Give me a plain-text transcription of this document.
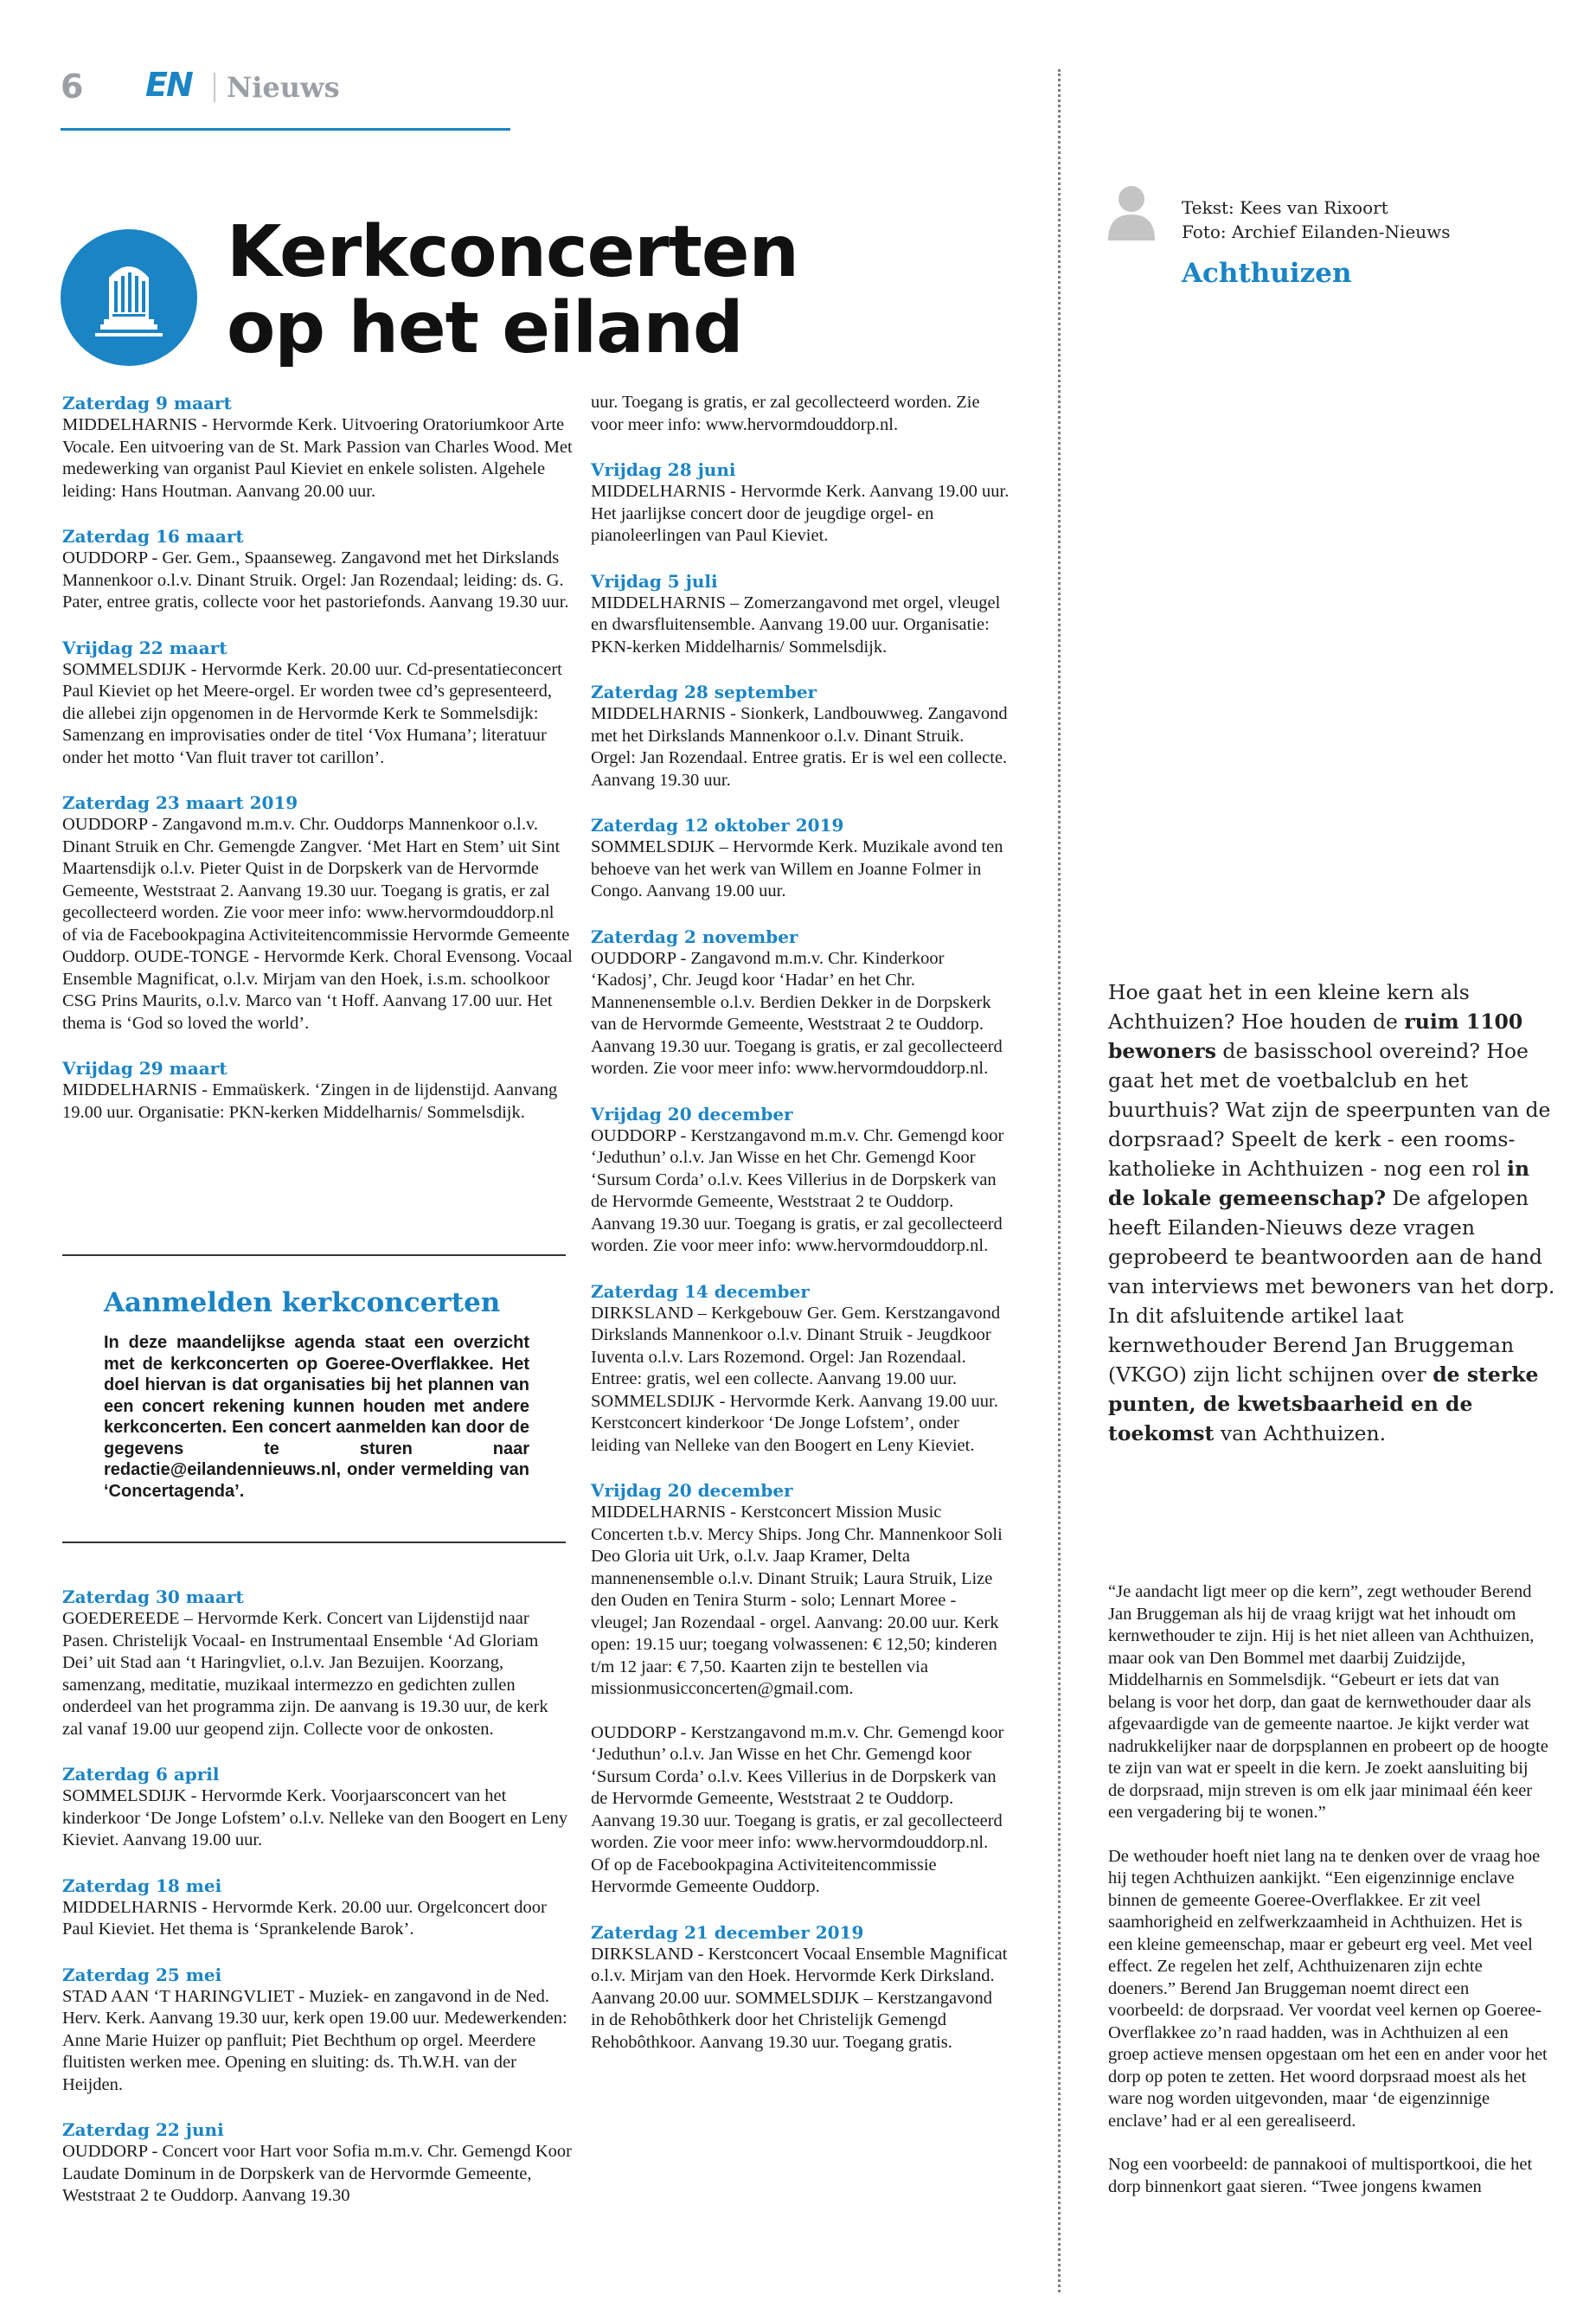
6 EN Nieuws
Kerkconcerten
op het eiland
Zaterdag 9 maart

MIDDELHARNIS - Hervormde Kerk. Uitvoering Oratoriumkoor Arte Vocale. Een uitvoering van de St. Mark Passion van Charles Wood. Met medewerking van organist Paul Kieviet en enkele solisten. Algehele leiding: Hans Houtman. Aanvang 20.00 uur.

Zaterdag 16 maart

OUDDORP - Ger. Gem., Spaanseweg. Zangavond met het Dirkslands Mannenkoor o.l.v. Dinant Struik. Orgel: Jan Rozendaal; leiding: ds. G. Pater, entree gratis, collecte voor het pastoriefonds. Aanvang 19.30 uur.

Vrijdag 22 maart

SOMMELSDIJK - Hervormde Kerk. 20.00 uur. Cd-presentatieconcert Paul Kieviet op het Meere-orgel. Er worden twee cd’s gepresenteerd, die allebei zijn opgenomen in de Hervormde Kerk te Sommelsdijk: Samenzang en improvisaties onder de titel ‘Vox Humana’; literatuur onder het motto ‘Van fluit traver tot carillon’.

Zaterdag 23 maart 2019

OUDDORP - Zangavond m.m.v. Chr. Ouddorps Mannenkoor o.l.v. Dinant Struik en Chr. Gemengde Zangver. ‘Met Hart en Stem’ uit Sint Maartensdijk o.l.v. Pieter Quist in de Dorpskerk van de Hervormde Gemeente, Weststraat 2. Aanvang 19.30 uur. Toegang is gratis, er zal gecollecteerd worden. Zie voor meer info: www.hervormdouddorp.nl of via de Facebookpagina Activiteitencommissie Hervormde Gemeente Ouddorp. OUDE-TONGE - Hervormde Kerk. Choral Evensong. Vocaal Ensemble Magnificat, o.l.v. Mirjam van den Hoek, i.s.m. schoolkoor CSG Prins Maurits, o.l.v. Marco van ‘t Hoff. Aanvang 17.00 uur. Het thema is ‘God so loved the world’.

Vrijdag 29 maart

MIDDELHARNIS - Emmaüskerk. ‘Zingen in de lijdenstijd. Aanvang 19.00 uur. Organisatie: PKN-kerken Middelharnis/ Sommelsdijk.

Aanmelden kerkconcerten
In deze maandelijkse agenda staat een overzicht met de kerkconcerten op Goeree-Overflakkee. Het doel hiervan is dat organisaties bij het plannen van een concert rekening kunnen houden met andere kerkconcerten. Een concert aanmelden kan door de gegevens te sturen naar redactie@eilandennieuws.nl, onder vermelding van ‘Concertagenda’.
Zaterdag 30 maart

GOEDEREEDE – Hervormde Kerk. Concert van Lijdenstijd naar Pasen. Christelijk Vocaal- en Instrumentaal Ensemble ‘Ad Gloriam Dei’ uit Stad aan ‘t Haringvliet, o.l.v. Jan Bezuijen. Koorzang, samenzang, meditatie, muzikaal intermezzo en gedichten zullen onderdeel van het programma zijn. De aanvang is 19.30 uur, de kerk zal vanaf 19.00 uur geopend zijn. Collecte voor de onkosten.

Zaterdag 6 april

SOMMELSDIJK - Hervormde Kerk. Voorjaarsconcert van het kinderkoor ‘De Jonge Lofstem’ o.l.v. Nelleke van den Boogert en Leny Kieviet. Aanvang 19.00 uur.

Zaterdag 18 mei

MIDDELHARNIS - Hervormde Kerk. 20.00 uur. Orgelconcert door Paul Kieviet. Het thema is ‘Sprankelende Barok’.

Zaterdag 25 mei

STAD AAN ‘T HARINGVLIET - Muziek- en zangavond in de Ned. Herv. Kerk. Aanvang 19.30 uur, kerk open 19.00 uur. Medewerkenden: Anne Marie Huizer op panfluit; Piet Bechthum op orgel. Meerdere fluitisten werken mee. Opening en sluiting: ds. Th.W.H. van der Heijden.

Zaterdag 22 juni

OUDDORP - Concert voor Hart voor Sofia m.m.v. Chr. Gemengd Koor Laudate Dominum in de Dorpskerk van de Hervormde Gemeente, Weststraat 2 te Ouddorp. Aanvang 19.30

uur. Toegang is gratis, er zal gecollecteerd worden. Zie voor meer info: www.hervormdouddorp.nl.

Vrijdag 28 juni

MIDDELHARNIS - Hervormde Kerk. Aanvang 19.00 uur. Het jaarlijkse concert door de jeugdige orgel- en pianoleerlingen van Paul Kieviet.

Vrijdag 5 juli

MIDDELHARNIS – Zomerzangavond met orgel, vleugel en dwarsfluitensemble. Aanvang 19.00 uur. Organisatie: PKN-kerken Middelharnis/ Sommelsdijk.

Zaterdag 28 september

MIDDELHARNIS - Sionkerk, Landbouwweg. Zangavond met het Dirkslands Mannenkoor o.l.v. Dinant Struik. Orgel: Jan Rozendaal. Entree gratis. Er is wel een collecte. Aanvang 19.30 uur.

Zaterdag 12 oktober 2019

SOMMELSDIJK – Hervormde Kerk. Muzikale avond ten behoeve van het werk van Willem en Joanne Folmer in Congo. Aanvang 19.00 uur.

Zaterdag 2 november

OUDDORP - Zangavond m.m.v. Chr. Kinderkoor ‘Kadosj’, Chr. Jeugd koor ‘Hadar’ en het Chr. Mannenensemble o.l.v. Berdien Dekker in de Dorpskerk van de Hervormde Gemeente, Weststraat 2 te Ouddorp. Aanvang 19.30 uur. Toegang is gratis, er zal gecollecteerd worden. Zie voor meer info: www.hervormdouddorp.nl.

Vrijdag 20 december

OUDDORP - Kerstzangavond m.m.v. Chr. Gemengd koor ‘Jeduthun’ o.l.v. Jan Wisse en het Chr. Gemengd Koor ‘Sursum Corda’ o.l.v. Kees Villerius in de Dorpskerk van de Hervormde Gemeente, Weststraat 2 te Ouddorp. Aanvang 19.30 uur. Toegang is gratis, er zal gecollecteerd worden. Zie voor meer info: www.hervormdouddorp.nl.

Zaterdag 14 december

DIRKSLAND – Kerkgebouw Ger. Gem. Kerstzangavond Dirkslands Mannenkoor o.l.v. Dinant Struik - Jeugdkoor Iuventa o.l.v. Lars Rozemond. Orgel: Jan Rozendaal. Entree: gratis, wel een collecte. Aanvang 19.00 uur. SOMMELSDIJK - Hervormde Kerk. Aanvang 19.00 uur. Kerstconcert kinderkoor ‘De Jonge Lofstem’, onder leiding van Nelleke van den Boogert en Leny Kieviet.

Vrijdag 20 december

MIDDELHARNIS - Kerstconcert Mission Music Concerten t.b.v. Mercy Ships. Jong Chr. Mannenkoor Soli Deo Gloria uit Urk, o.l.v. Jaap Kramer, Delta mannenensemble o.l.v. Dinant Struik; Laura Struik, Lize den Ouden en Tenira Sturm - solo; Lennart Moree - vleugel; Jan Rozendaal - orgel. Aanvang: 20.00 uur. Kerk open: 19.15 uur; toegang volwassenen: € 12,50; kinderen t/m 12 jaar: € 7,50. Kaarten zijn te bestellen via missionmusicconcerten@gmail.com.

OUDDORP - Kerstzangavond m.m.v. Chr. Gemengd koor ‘Jeduthun’ o.l.v. Jan Wisse en het Chr. Gemengd koor ‘Sursum Corda’ o.l.v. Kees Villerius in de Dorpskerk van de Hervormde Gemeente, Weststraat 2 te Ouddorp. Aanvang 19.30 uur. Toegang is gratis, er zal gecollecteerd worden. Zie voor meer info: www.hervormdouddorp.nl. Of op de Facebookpagina Activiteitencommissie Hervormde Gemeente Ouddorp.

Zaterdag 21 december 2019

DIRKSLAND - Kerstconcert Vocaal Ensemble Magnificat o.l.v. Mirjam van den Hoek. Hervormde Kerk Dirksland. Aanvang 20.00 uur. SOMMELSDIJK – Kerstzangavond in de Rehobôthkerk door het Christelijk Gemengd Rehobôthkoor. Aanvang 19.30 uur. Toegang gratis.

Tekst: Kees van Rixoort
Foto: Archief Eilanden-Nieuws
Achthuizen
Hoe gaat het in een kleine kern als Achthuizen? Hoe houden de ruim 1100 bewoners de basisschool overeind? Hoe gaat het met de voetbalclub en het buurthuis? Wat zijn de speerpunten van de dorpsraad? Speelt de kerk - een rooms-katholieke in Achthuizen - nog een rol in de lokale gemeenschap? De afgelopen heeft Eilanden-Nieuws deze vragen geprobeerd te beantwoorden aan de hand van interviews met bewoners van het dorp. In dit afsluitende artikel laat kernwethouder Berend Jan Bruggeman (VKGO) zijn licht schijnen over de sterke punten, de kwetsbaarheid en de toekomst van Achthuizen.

“Je aandacht ligt meer op die kern”, zegt wethouder Berend Jan Bruggeman als hij de vraag krijgt wat het inhoudt om kernwethouder te zijn. Hij is het niet alleen van Achthuizen, maar ook van Den Bommel met daarbij Zuidzijde, Middelharnis en Sommelsdijk. “Gebeurt er iets dat van belang is voor het dorp, dan gaat de kernwethouder daar als afgevaardigde van de gemeente naartoe. Je kijkt verder wat nadrukkelijker naar de dorpsplannen en probeert op de hoogte te zijn van wat er speelt in die kern. Je zoekt aansluiting bij de dorpsraad, mijn streven is om elk jaar minimaal één keer een vergadering bij te wonen.”

De wethouder hoeft niet lang na te denken over de vraag hoe hij tegen Achthuizen aankijkt. “Een eigenzinnige enclave binnen de gemeente Goeree-Overflakkee. Er zit veel saamhorigheid en zelfwerkzaamheid in Achthuizen. Het is een kleine gemeenschap, maar er gebeurt erg veel. Met veel effect. Ze regelen het zelf, Achthuizenaren zijn echte doeners.” Berend Jan Bruggeman noemt direct een voorbeeld: de dorpsraad. Ver voordat veel kernen op Goeree-Overflakkee zo’n raad hadden, was in Achthuizen al een groep actieve mensen opgestaan om het een en ander voor het dorp op poten te zetten. Het woord dorpsraad moest als het ware nog worden uitgevonden, maar ‘de eigenzinnige enclave’ had er al een gerealiseerd.

Nog een voorbeeld: de pannakooi of multisportkooi, die het dorp binnenkort gaat sieren. “Twee jongens kwamen
